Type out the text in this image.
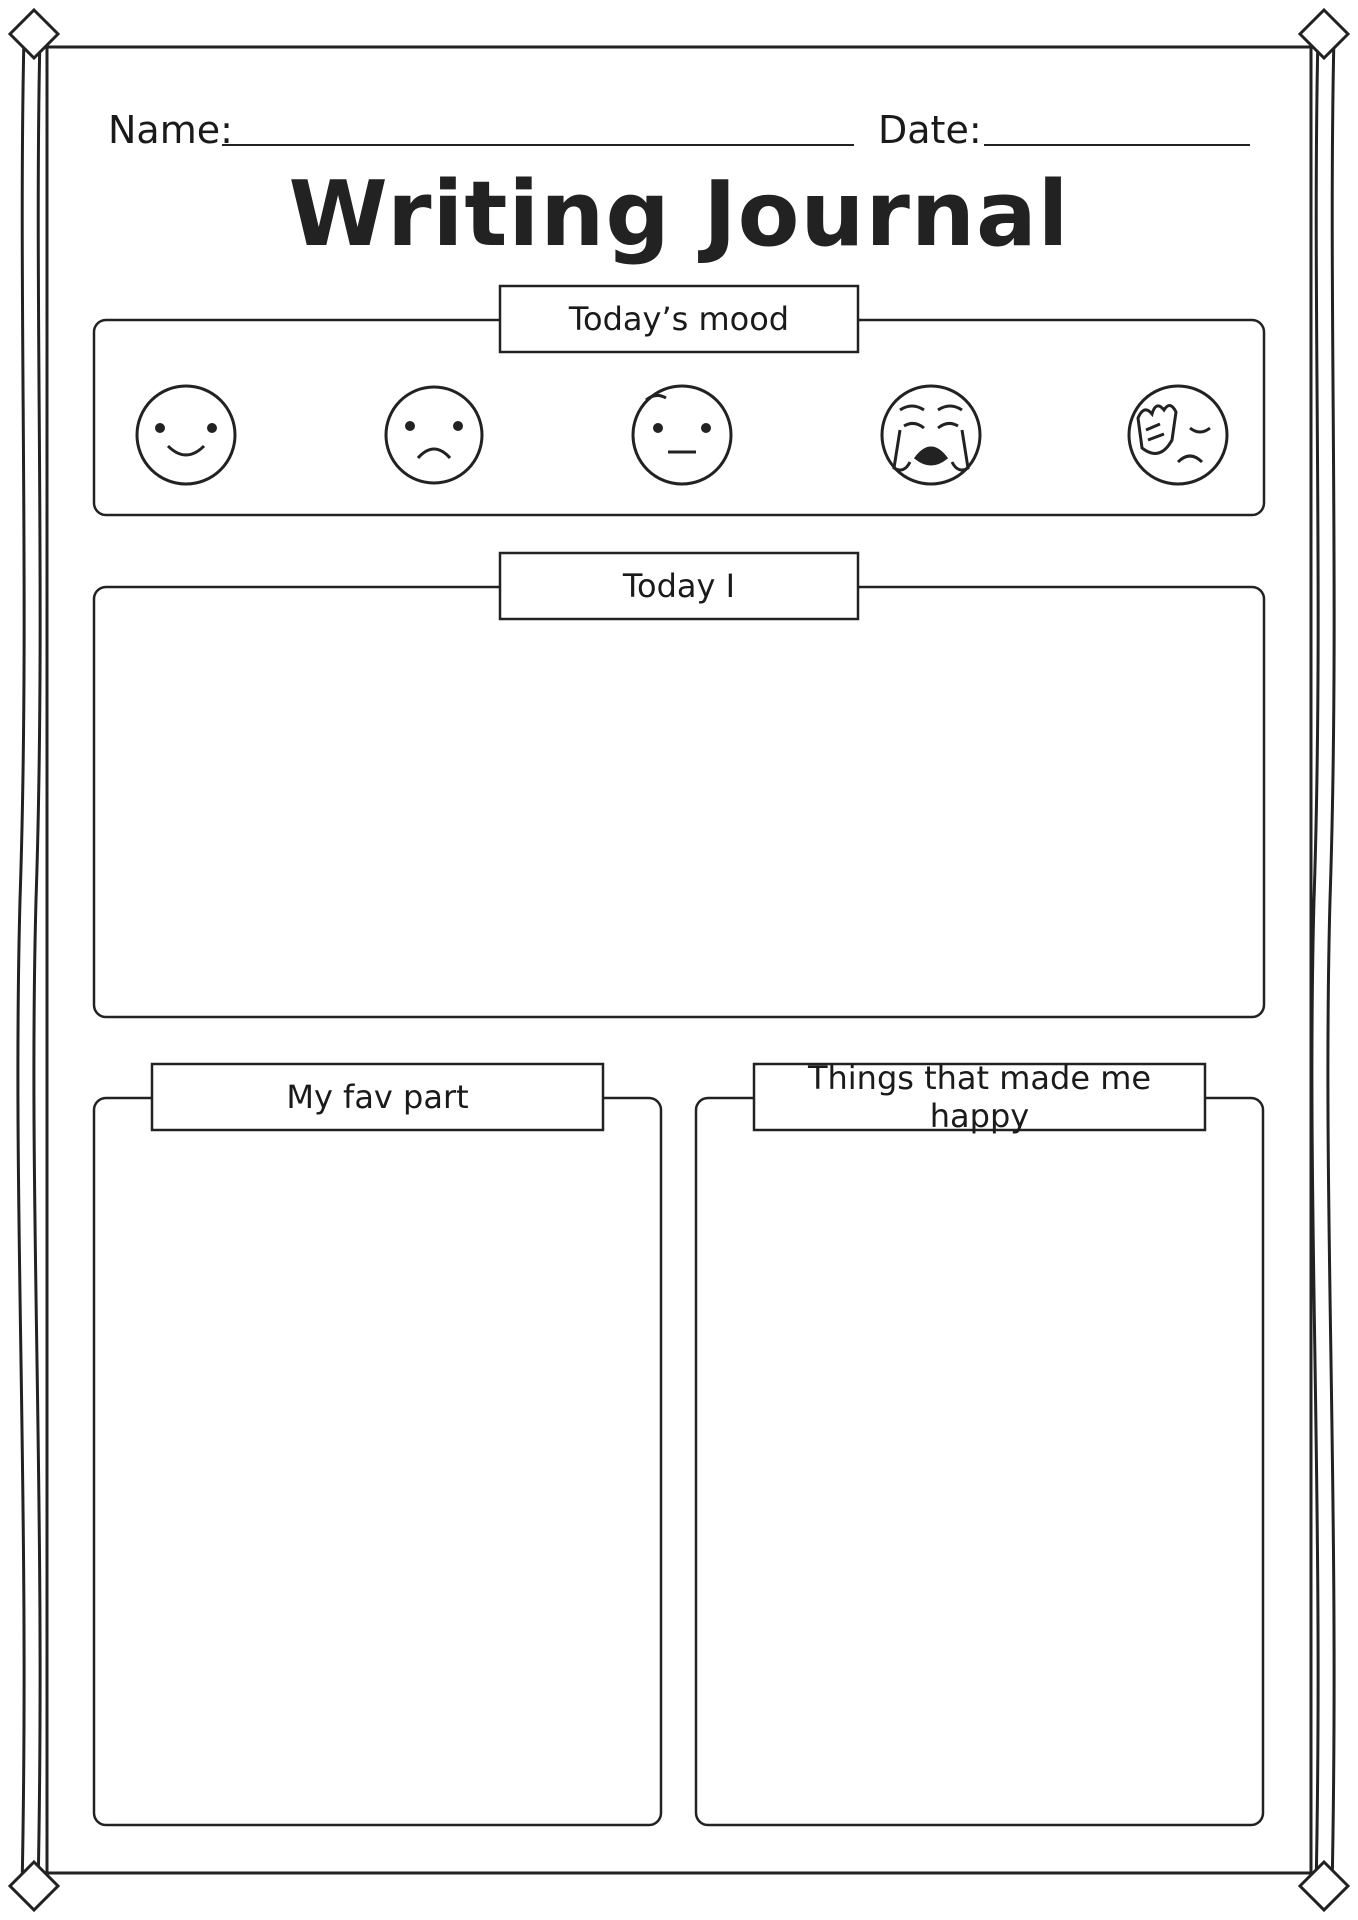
Name:	Date:
Writing Journal
Today’s mood
Today I
My fav part	Things that made me happy
